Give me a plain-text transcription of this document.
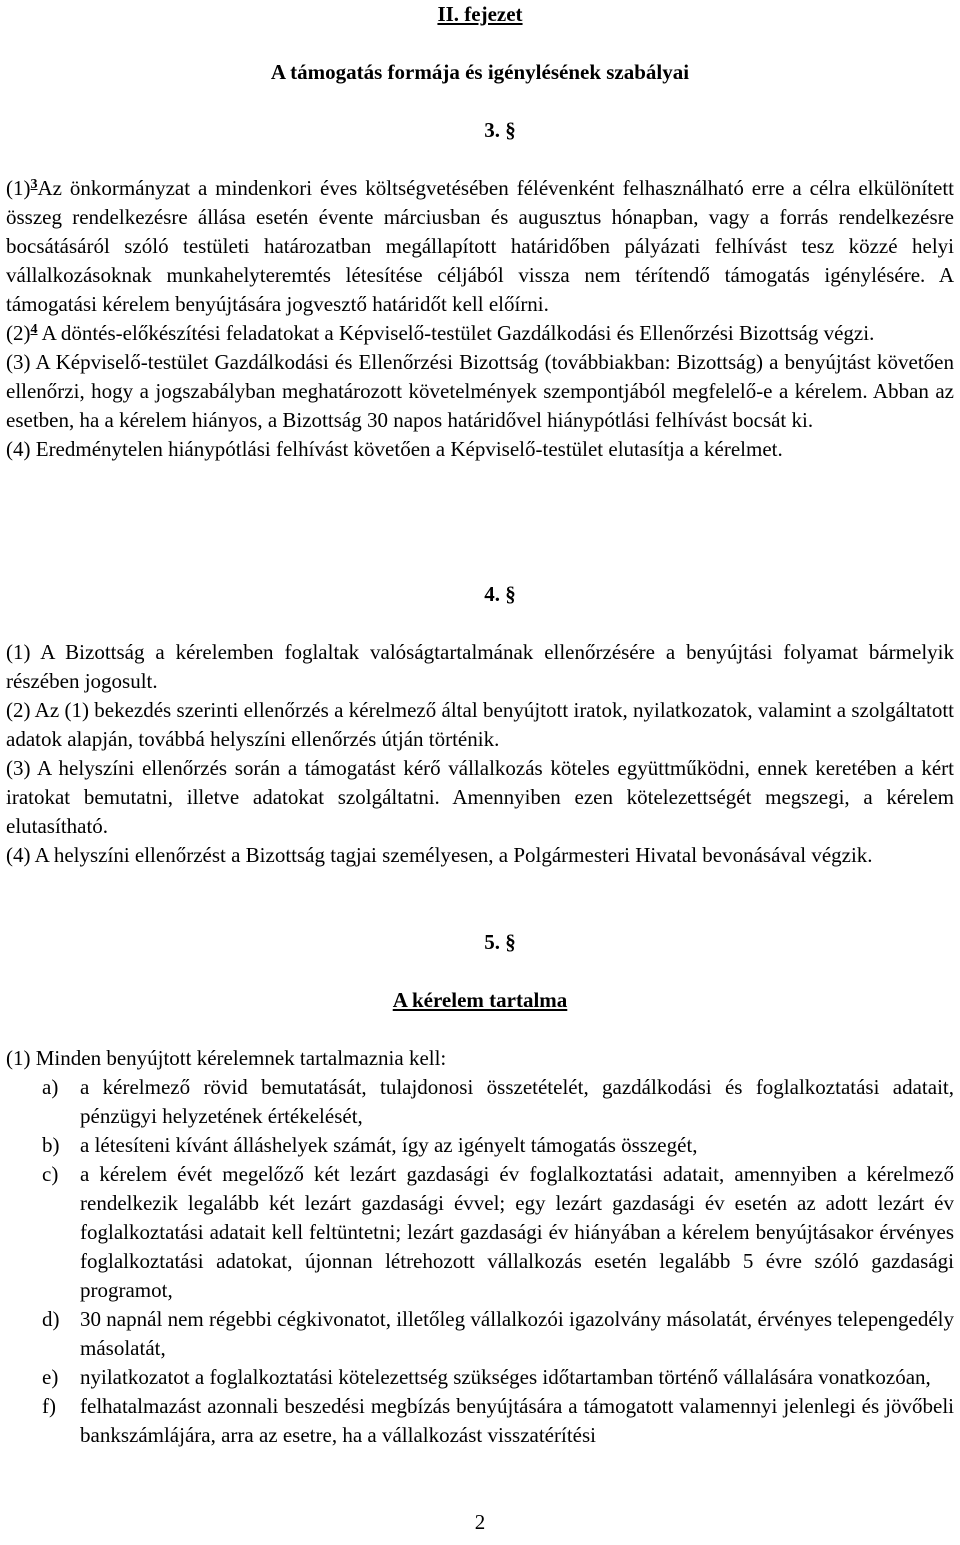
II. fejezet
A támogatás formája és igénylésének szabályai
3. §

$(1)^3Az$ önkormányzat a mindenkori éves költségvetésében félévenként felhasználható erre a célra elkülönített összeg rendelkezésre állása esetén évente márciusban és augusztus hónapban, vagy a forrás rendelkezésre bocsátásáról szóló testületi határozatban megállapított határidőben pályázati felhívást tesz közzé helyi vállalkozásoknak munkahelyteremtés létesítése céljából vissza nem térítendő támogatás igénylésére. A támogatási kérelem benyújtására jogvesztő határidőt kell előírni.

$(2)^4$ A döntés-előkészítési feladatokat a Képviselő-testület Gazdálkodási és Ellenőrzési Bizottság végzi.

(3) A Képviselő-testület Gazdálkodási és Ellenőrzési Bizottság (továbbiakban: Bizottság) a benyújtást követően ellenőrzi, hogy a jogszabályban meghatározott követelmények szempontjából megfelelő-e a kérelem. Abban az esetben, ha a kérelem hiányos, a Bizottság 30 napos határidővel hiánypótlási felhívást bocsát ki.

(4) Eredménytelen hiánypótlási felhívást követően a Képviselő-testület elutasítja a kérelmet.

4. §

(1) A Bizottság a kérelemben foglaltak valóságtartalmának ellenőrzésére a benyújtási folyamat bármelyik részében jogosult.

(2) Az (1) bekezdés szerinti ellenőrzés a kérelmező által benyújtott iratok, nyilatkozatok, valamint a szolgáltatott adatok alapján, továbbá helyszíni ellenőrzés útján történik.

(3) A helyszíni ellenőrzés során a támogatást kérő vállalkozás köteles együttműködni, ennek keretében a kért iratokat bemutatni, illetve adatokat szolgáltatni. Amennyiben ezen kötelezettségét megszegi, a kérelem elutasítható.

(4) A helyszíni ellenőrzést a Bizottság tagjai személyesen, a Polgármesteri Hivatal bevonásával végzik.

5. §
A kérelem tartalma

(1) Minden benyújtott kérelemnek tartalmaznia kell:

a)	a kérelmező rövid bemutatását, tulajdonosi összetételét, gazdálkodási és foglalkoztatási adatait, pénzügyi helyzetének értékelését,
b) a létesíteni kívánt álláshelyek számát, így az igényelt támogatás összegét,
c)	a kérelem évét megelőző két lezárt gazdasági év foglalkoztatási adatait, amennyiben a kérelmező rendelkezik legalább két lezárt gazdasági évvel; egy lezárt gazdasági év esetén az adott lezárt év foglalkoztatási adatait kell feltüntetni; lezárt gazdasági év hiányában a kérelem benyújtásakor érvényes foglalkoztatási adatokat, újonnan létrehozott vállalkozás esetén legalább 5 évre szóló gazdasági programot,
d) 30 napnál nem régebbi cégkivonatot, illetőleg vállalkozói igazolvány másolatát, érvényes telepengedély másolatát,
e)	nyilatkozatot a foglalkoztatási kötelezettség szükséges időtartamban történő vállalására vonatkozóan,
f)	felhatalmazást azonnali beszedési megbízás benyújtására a támogatott valamennyi jelenlegi és jövőbeli bankszámlájára, arra az esetre, ha a vállalkozást visszatérítési
2
